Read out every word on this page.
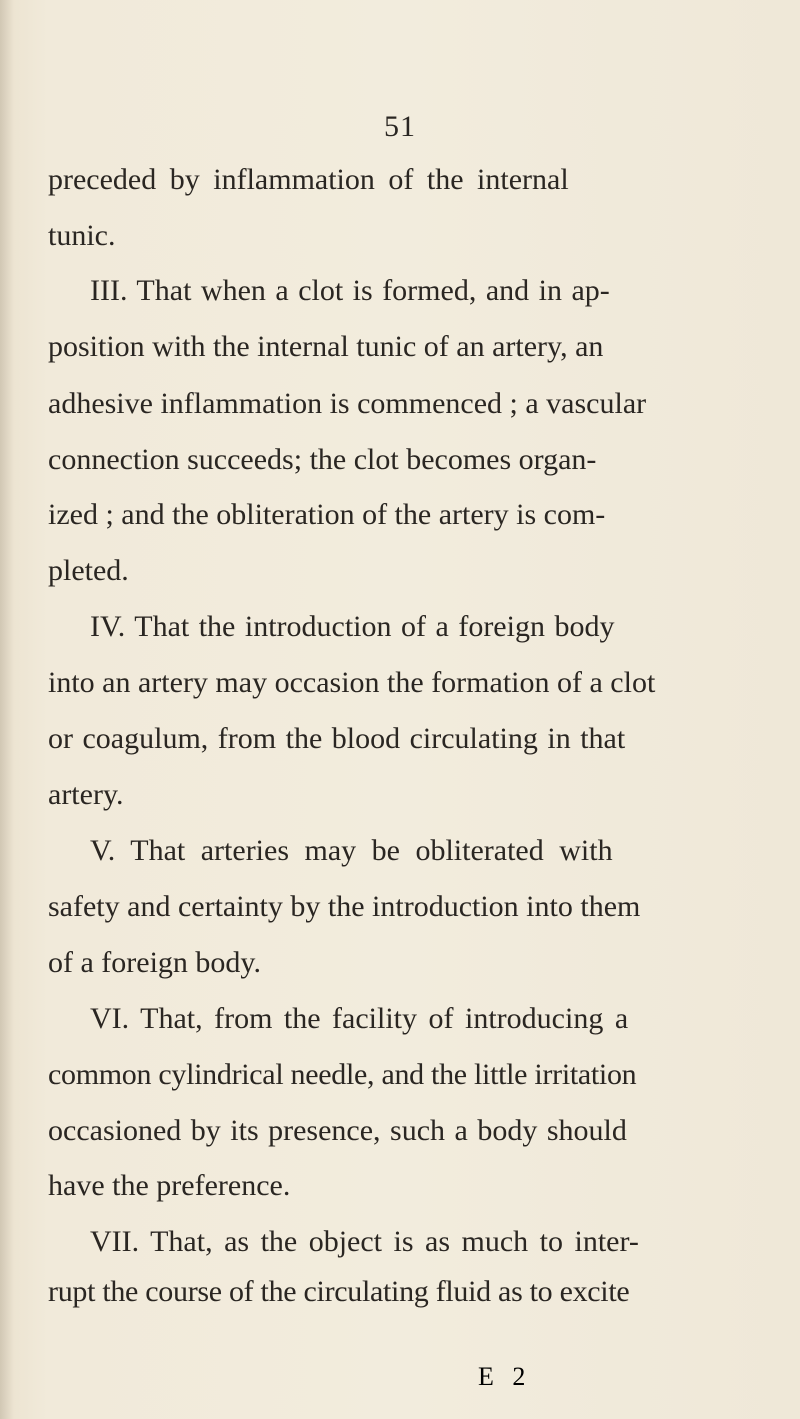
51
preceded by inflammation of the internal
tunic.
III. That when a clot is formed, and in ap-
position with the internal tunic of an artery, an
adhesive inflammation is commenced ; a vascular
connection succeeds; the clot becomes organ-
ized ; and the obliteration of the artery is com-
pleted.
IV. That the introduction of a foreign body
into an artery may occasion the formation of a clot
or coagulum, from the blood circulating in that
artery.
V. That arteries may be obliterated with
safety and certainty by the introduction into them
of a foreign body.
VI. That, from the facility of introducing a
common cylindrical needle, and the little irritation
occasioned by its presence, such a body should
have the preference.
VII. That, as the object is as much to inter-
rupt the course of the circulating fluid as to excite
E 2
